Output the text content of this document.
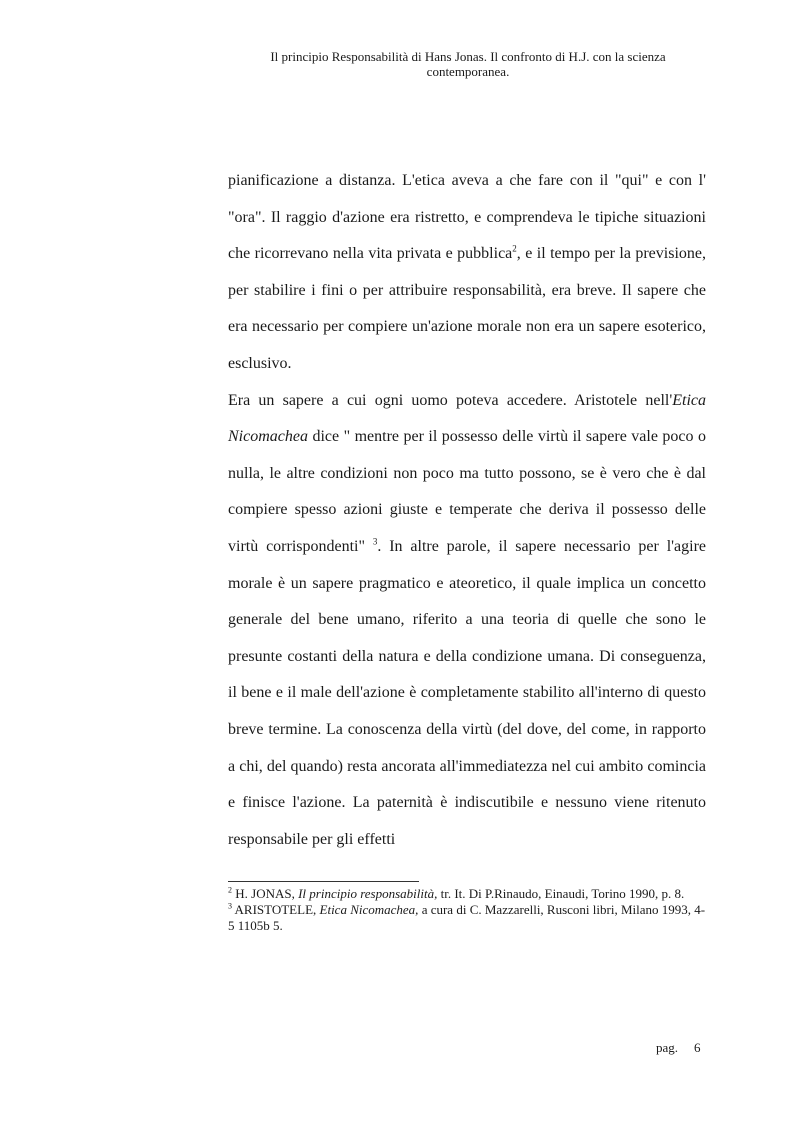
Il principio Responsabilità di Hans Jonas. Il confronto di H.J. con la scienza
contemporanea.

pianificazione a distanza. L'etica aveva a che fare con il "qui" e con l' "ora". Il raggio d'azione era ristretto, e comprendeva le tipiche situazioni che ricorrevano nella vita privata e pubblica$^2$, e il tempo per la previsione, per stabilire i fini o per attribuire responsabilità, era breve. Il sapere che era necessario per compiere un'azione morale non era un sapere esoterico, esclusivo.

Era un sapere a cui ogni uomo poteva accedere. Aristotele nell'Etica Nicomachea dice " mentre per il possesso delle virtù il sapere vale poco o nulla, le altre condizioni non poco ma tutto possono, se è vero che è dal compiere spesso azioni giuste e temperate che deriva il possesso delle virtù corrispondenti" $^3$. In altre parole, il sapere necessario per l'agire morale è un sapere pragmatico e ateoretico, il quale implica un concetto generale del bene umano, riferito a una teoria di quelle che sono le presunte costanti della natura e della condizione umana. Di conseguenza, il bene e il male dell'azione è completamente stabilito all'interno di questo breve termine. La conoscenza della virtù (del dove, del come, in rapporto a chi, del quando) resta ancorata all'immediatezza nel cui ambito comincia e finisce l'azione. La paternità è indiscutibile e nessuno viene ritenuto responsabile per gli effetti

$^2$ H. JONAS, Il principio responsabilità, tr. It. Di P.Rinaudo, Einaudi, Torino 1990, p. 8.

$^3$ ARISTOTELE, Etica Nicomachea, a cura di C. Mazzarelli, Rusconi libri, Milano 1993, 4-5 1105b 5.

pag. 6
